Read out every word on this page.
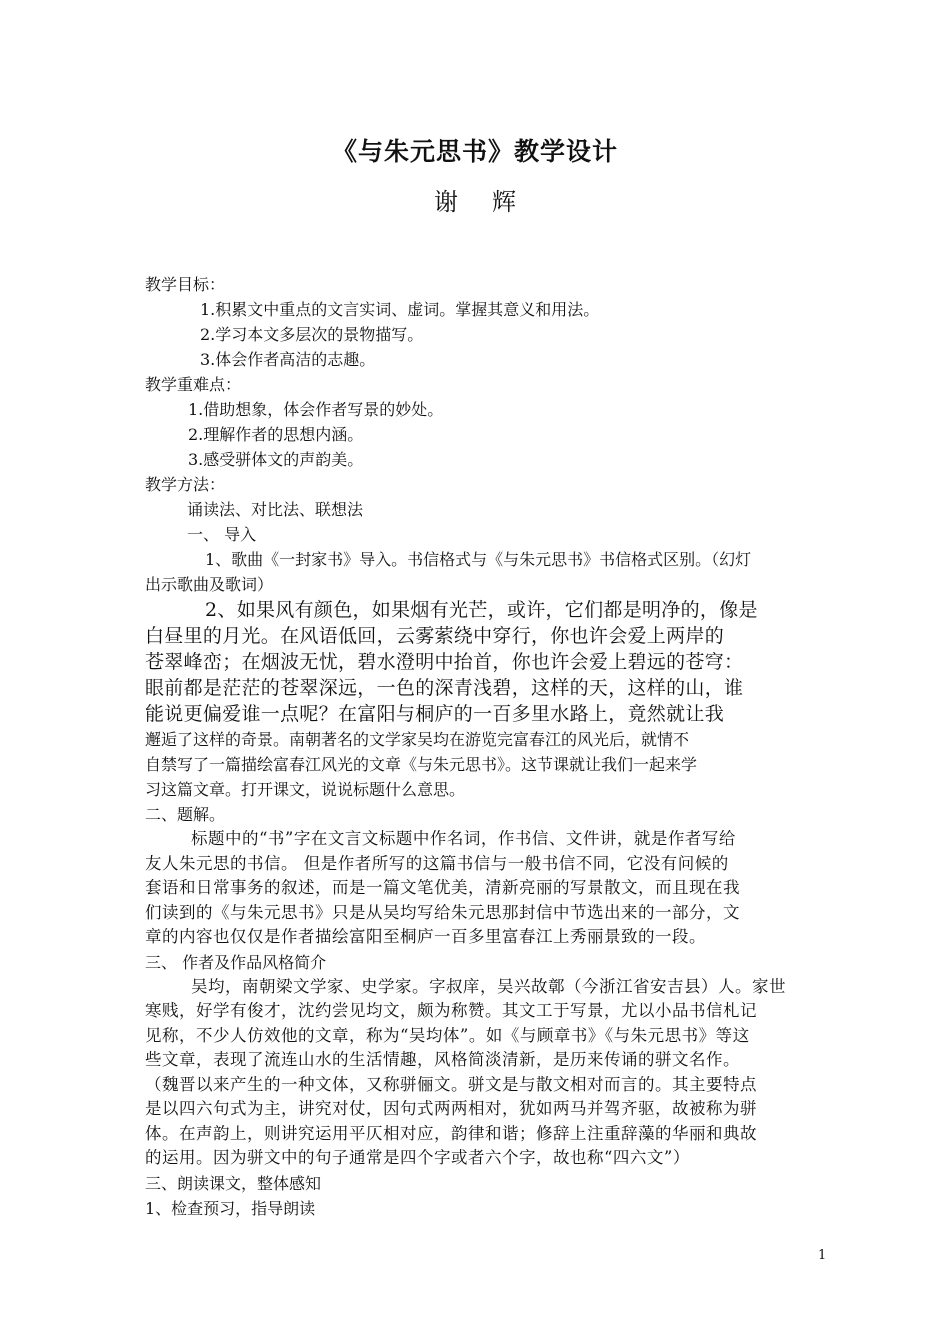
《与朱元思书》教学设计
谢辉
教学目标：
1.积累文中重点的文言实词、虚词。掌握其意义和用法。
2.学习本文多层次的景物描写。
3.体会作者高洁的志趣。
教学重难点：
1.借助想象，体会作者写景的妙处。
2.理解作者的思想内涵。
3.感受骈体文的声韵美。
教学方法：
诵读法、对比法、联想法
一、 导入
1、歌曲《一封家书》导入。书信格式与《与朱元思书》书信格式区别。（幻灯
出示歌曲及歌词）
2、如果风有颜色，如果烟有光芒，或许，它们都是明净的，像是
白昼里的月光。在风语低回，云雾萦绕中穿行，你也许会爱上两岸的
苍翠峰峦；在烟波无忧，碧水澄明中抬首，你也许会爱上碧远的苍穹：
眼前都是茫茫的苍翠深远，一色的深青浅碧，这样的天，这样的山，谁
能说更偏爱谁一点呢？在富阳与桐庐的一百多里水路上，竟然就让我
邂逅了这样的奇景。南朝著名的文学家吴均在游览完富春江的风光后，就情不
自禁写了一篇描绘富春江风光的文章《与朱元思书》。这节课就让我们一起来学
习这篇文章。打开课文，说说标题什么意思。
二、题解。
标题中的“书”字在文言文标题中作名词，作书信、文件讲，就是作者写给
友人朱元思的书信。 但是作者所写的这篇书信与一般书信不同，它没有问候的
套语和日常事务的叙述，而是一篇文笔优美，清新亮丽的写景散文，而且现在我
们读到的《与朱元思书》只是从吴均写给朱元思那封信中节选出来的一部分，文
章的内容也仅仅是作者描绘富阳至桐庐一百多里富春江上秀丽景致的一段。
三、 作者及作品风格简介
吴均，南朝梁文学家、史学家。字叔庠，吴兴故鄣（今浙江省安吉县）人。家世
寒贱，好学有俊才，沈约尝见均文，颇为称赞。其文工于写景，尤以小品书信札记
见称，不少人仿效他的文章，称为“吴均体”。如《与顾章书》《与朱元思书》等这
些文章，表现了流连山水的生活情趣，风格简淡清新，是历来传诵的骈文名作。
（魏晋以来产生的一种文体，又称骈俪文。骈文是与散文相对而言的。其主要特点
是以四六句式为主，讲究对仗，因句式两两相对，犹如两马并驾齐驱，故被称为骈
体。在声韵上，则讲究运用平仄相对应，韵律和谐；修辞上注重辞藻的华丽和典故
的运用。因为骈文中的句子通常是四个字或者六个字，故也称“四六文”）
三、朗读课文，整体感知
1、检查预习，指导朗读
1
